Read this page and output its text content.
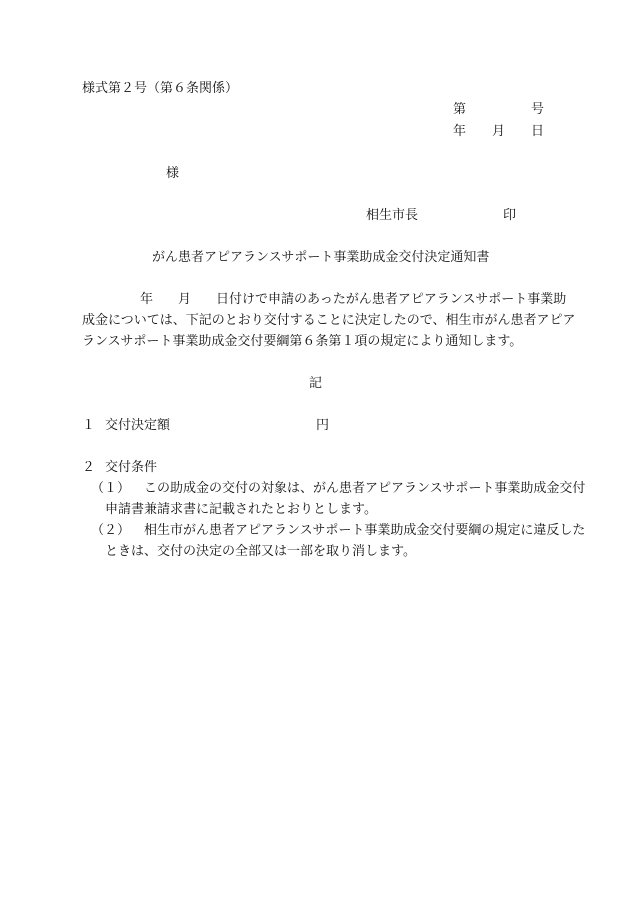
様式第２号（第６条関係）
第	号
年 月 日
様
相生市長	印
がん患者アピアランスサポート事業助成金交付決定通知書
年 月 日付けで申請のあったがん患者アピアランスサポート事業助
成金については、下記のとおり交付することに決定したので、相生市がん患者アピア
ランスサポート事業助成金交付要綱第６条第１項の規定により通知します。
記
１ 交付決定額	円
２ 交付条件
（１） この助成金の交付の対象は、がん患者アピアランスサポート事業助成金交付
申請書兼請求書に記載されたとおりとします。
（２） 相生市がん患者アピアランスサポート事業助成金交付要綱の規定に違反した
ときは、交付の決定の全部又は一部を取り消します。
